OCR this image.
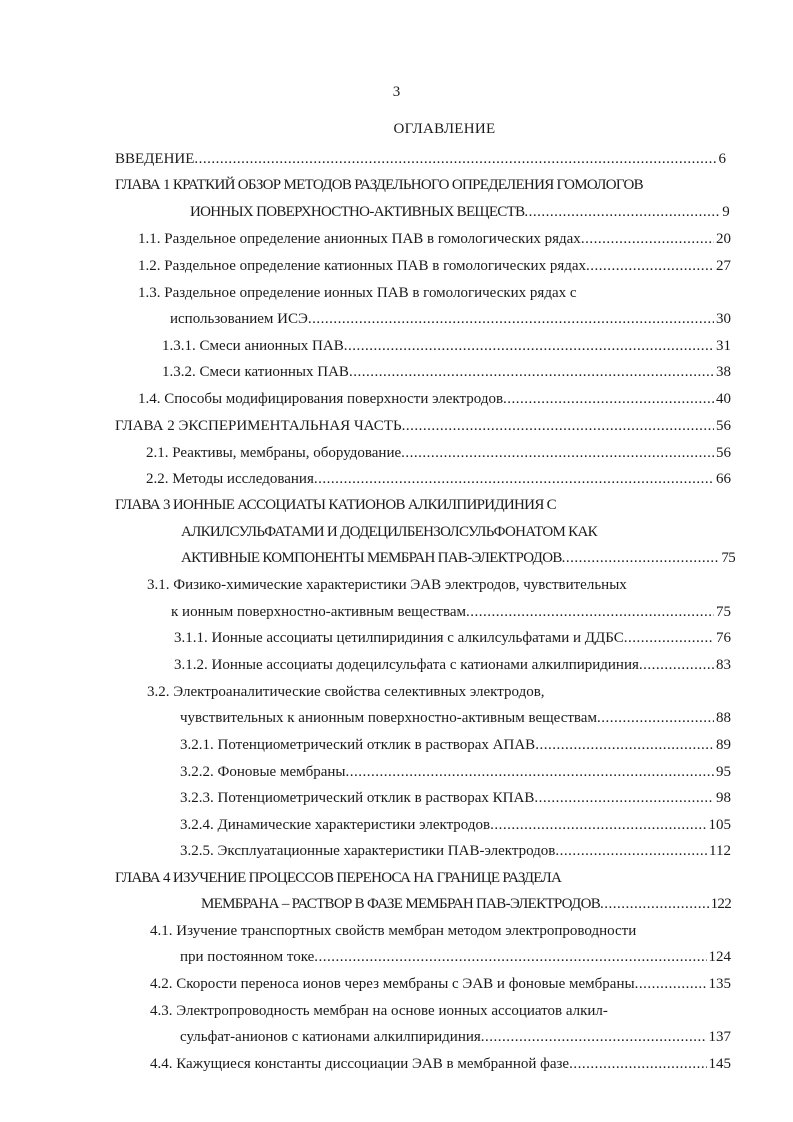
3
ОГЛАВЛЕНИЕ
ВВЕДЕНИЕ .....	6
ГЛАВА 1 КРАТКИЙ ОБЗОР МЕТОДОВ РАЗДЕЛЬНОГО ОПРЕДЕЛЕНИЯ ГОМОЛОГОВ
ИОННЫХ ПОВЕРХНОСТНО-АКТИВНЫХ ВЕЩЕСТВ .....	9
1.1. Раздельное определение анионных ПАВ в гомологических рядах .....	20
1.2. Раздельное определение катионных ПАВ в гомологических рядах .....	27
1.3. Раздельное определение ионных ПАВ в гомологических рядах с
использованием ИСЭ .....	30
1.3.1. Смеси анионных ПАВ .....	31
1.3.2. Смеси катионных ПАВ .....	38
1.4. Способы модифицирования поверхности электродов .....	40
ГЛАВА 2 ЭКСПЕРИМЕНТАЛЬНАЯ ЧАСТЬ .....	56
2.1. Реактивы, мембраны, оборудование .....	56
2.2. Методы исследования .....	66
ГЛАВА 3 ИОННЫЕ АССОЦИАТЫ КАТИОНОВ АЛКИЛПИРИДИНИЯ С
АЛКИЛСУЛЬФАТАМИ И ДОДЕЦИЛБЕНЗОЛСУЛЬФОНАТОМ КАК
АКТИВНЫЕ КОМПОНЕНТЫ МЕМБРАН ПАВ-ЭЛЕКТРОДОВ .....	75
3.1. Физико-химические характеристики ЭАВ электродов, чувствительных
к ионным поверхностно-активным веществам .....	75
3.1.1. Ионные ассоциаты цетилпиридиния с алкилсульфатами и ДДБС .....	76
3.1.2. Ионные ассоциаты додецилсульфата с катионами алкилпиридиния .....	83
3.2. Электроаналитические свойства селективных электродов,
чувствительных к анионным поверхностно-активным веществам .....	88
3.2.1. Потенциометрический отклик в растворах АПАВ .....	89
3.2.2. Фоновые мембраны .....	95
3.2.3. Потенциометрический отклик в растворах КПАВ .....	98
3.2.4. Динамические характеристики электродов .....	105
3.2.5. Эксплуатационные характеристики ПАВ-электродов .....	112
ГЛАВА 4 ИЗУЧЕНИЕ ПРОЦЕССОВ ПЕРЕНОСА НА ГРАНИЦЕ РАЗДЕЛА
МЕМБРАНА – РАСТВОР В ФАЗЕ МЕМБРАН ПАВ-ЭЛЕКТРОДОВ .....	122
4.1. Изучение транспортных свойств мембран методом электропроводности
при постоянном токе .....	124
4.2. Скорости переноса ионов через мембраны с ЭАВ и фоновые мембраны .....	135
4.3. Электропроводность мембран на основе ионных ассоциатов алкил-
сульфат-анионов с катионами алкилпиридиния .....	137
4.4. Кажущиеся константы диссоциации ЭАВ в мембранной фазе .....	145
